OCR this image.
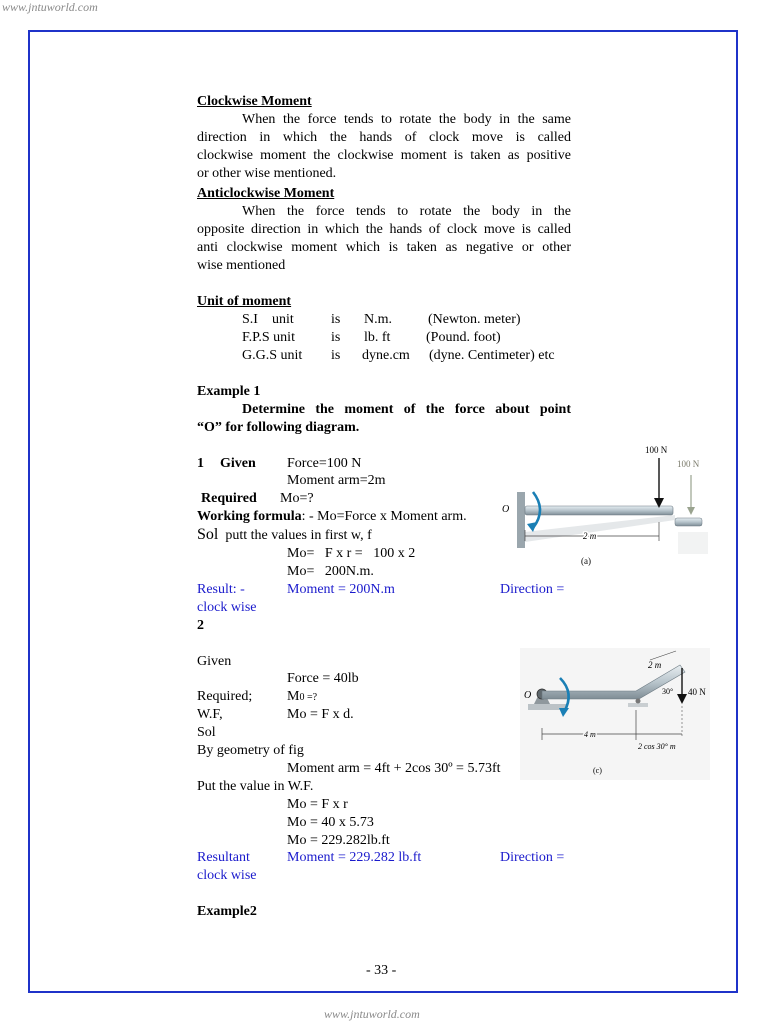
www.jntuworld.com
Clockwise Moment
When the force tends to rotate the body in the same
direction in which the hands of clock move is called
clockwise moment the clockwise moment is taken as positive
or other wise mentioned.
Anticlockwise Moment
When the force tends to rotate the body in the
opposite direction in which the hands of clock move is called
anti clockwise moment which is taken as negative or other
wise mentioned
Unit of moment
S.I    unit	is N.m.	(Newton. meter)
F.P.S unit	is lb. ft	(Pound. foot)
G.G.S unit is dyne.cm (dyne. Centimeter) etc
Example 1
Determine the moment of the force about point
“O” for following diagram.
1 Given Force=100 N
Moment arm=2m
Required Mo=?
Working formula: - Mo=Force x Moment arm.
Sol putt the values in first w, f
Mo=   F x r =   100 x 2
Mo=   200N.m.
Result: -	Moment = 200N.m	Direction =
clock wise
100 N
100 N
O
2 m
(a)
2
Given
Force = 40lb
Required; M0 =?
W.F,	Mo = F x d.
Sol
By geometry of fig
Moment arm = 4ft + 2cos 30º = 5.73ft
Put the value in W.F.
Mo = F x r
Mo = 40 x 5.73
Mo = 229.282lb.ft
Resultant	Moment = 229.282 lb.ft	Direction =
clock wise
O	40 N
2 m
30°
4 m
2 cos 30° m
(c)
Example2
- 33 -
www.jntuworld.com
